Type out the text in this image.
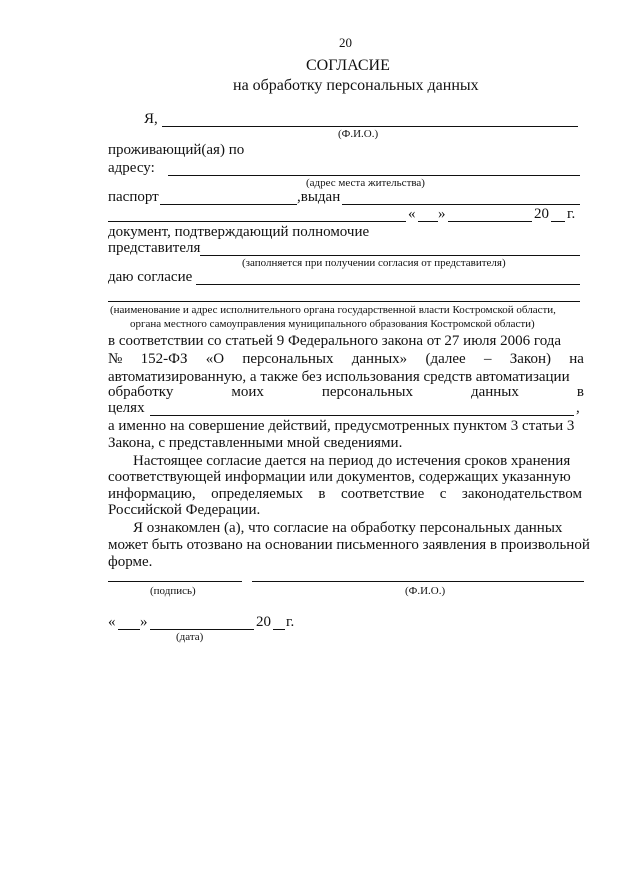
20
СОГЛАСИЕ
на обработку персональных данных
Я,
(Ф.И.О.)
проживающий(ая) по
адресу:
(адрес места жительства)
паспорт	,выдан
« »	20 г.
документ, подтверждающий полномочие
представителя
(заполняется при получении согласия от представителя)
даю согласие
(наименование и адрес исполнительного органа государственной власти Костромской области,
органа местного самоуправления муниципального образования Костромской области)
в соответствии со статьей 9 Федерального закона от 27 июля 2006 года
№ 152-ФЗ «О персональных данных» (далее – Закон) на
автоматизированную, а также без использования средств автоматизации
обработку	моих	персональных	данных	в
целях	,
а именно на совершение действий, предусмотренных пунктом 3 статьи 3
Закона, с представленными мной сведениями.
Настоящее согласие дается на период до истечения сроков хранения
соответствующей информации или документов, содержащих указанную
информацию, определяемых в соответствие с законодательством
Российской Федерации.
Я ознакомлен (а), что согласие на обработку персональных данных
может быть отозвано на основании письменного заявления в произвольной
форме.
(подпись)	(Ф.И.О.)
« »	20 г.
(дата)
